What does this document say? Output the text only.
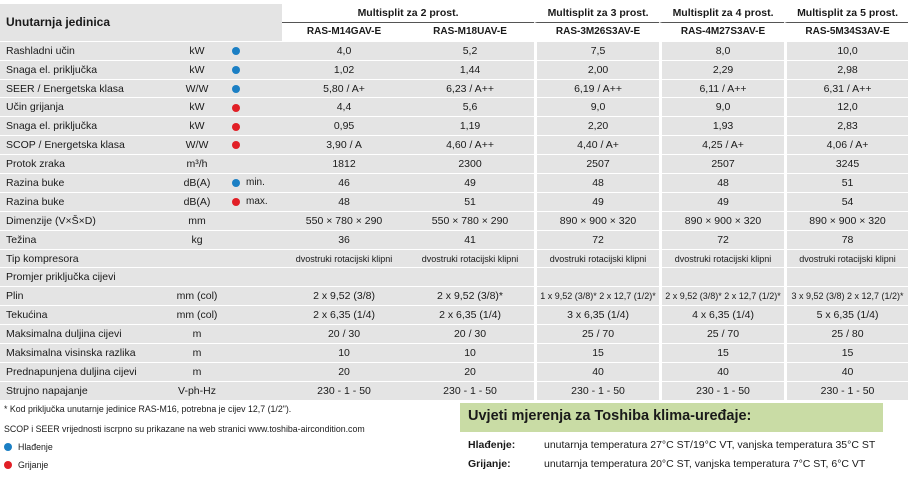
Unutarnja jedinica				Multisplit za 2 prost.		Multisplit za 3 prost.	Multisplit za 4 prost.	Multisplit za 5 prost.
				RAS-M14GAV-E	RAS-M18UAV-E	RAS-3M26S3AV-E	RAS-4M27S3AV-E	RAS-5M34S3AV-E
Rashladni učin	kW			4,0	5,2	7,5	8,0	10,0
Snaga el. priključka	kW			1,02	1,44	2,00	2,29	2,98
SEER / Energetska klasa	W/W			5,80 / A+	6,23 / A++	6,19 / A++	6,11 / A++	6,31 / A++
Učin grijanja	kW			4,4	5,6	9,0	9,0	12,0
Snaga el. priključka	kW			0,95	1,19	2,20	1,93	2,83
SCOP / Energetska klasa	W/W			3,90 / A	4,60 / A++	4,40 / A+	4,25 / A+	4,06 / A+
Protok zraka	m³/h			1812	2300	2507	2507	3245
Razina buke	dB(A)		min.	46	49	48	48	51
Razina buke	dB(A)		max.	48	51	49	49	54
Dimenzije (V×Š×D)	mm			550 × 780 × 290	550 × 780 × 290	890 × 900 × 320	890 × 900 × 320	890 × 900 × 320
Težina	kg			36	41	72	72	78
Tip kompresora				dvostruki rotacijski klipni	dvostruki rotacijski klipni	dvostruki rotacijski klipni	dvostruki rotacijski klipni	dvostruki rotacijski klipni
Promjer priključka cijevi								
Plin	mm (col)			2 x 9,52 (3/8)	2 x 9,52 (3/8)*	1 x 9,52 (3/8)* 2 x 12,7 (1/2)*	2 x 9,52 (3/8)* 2 x 12,7 (1/2)*	3 x 9,52 (3/8) 2 x 12,7 (1/2)*
Tekućina	mm (col)			2 x 6,35 (1/4)	2 x 6,35 (1/4)	3 x 6,35 (1/4)	4 x 6,35 (1/4)	5 x 6,35 (1/4)
Maksimalna duljina cijevi	m			20 / 30	20 / 30	25 / 70	25 / 70	25 / 80
Maksimalna visinska razlika	m			10	10	15	15	15
Prednapunjena duljina cijevi	m			20	20	40	40	40
Strujno napajanje	V-ph-Hz			230 - 1 - 50	230 - 1 - 50	230 - 1 - 50	230 - 1 - 50	230 - 1 - 50
* Kod priključka unutarnje jedinice RAS-M16, potrebna je cijev 12,7 (1/2").
SCOP i SEER vrijednosti iscrpno su prikazane na web stranici www.toshiba-aircondition.com
Hlađenje
Grijanje
Uvjeti mjerenja za Toshiba klima-uređaje:
Hlađenje:	unutarnja temperatura 27°C ST/19°C VT, vanjska temperatura 35°C ST
Grijanje:	unutarnja temperatura 20°C ST, vanjska temperatura 7°C ST, 6°C VT
